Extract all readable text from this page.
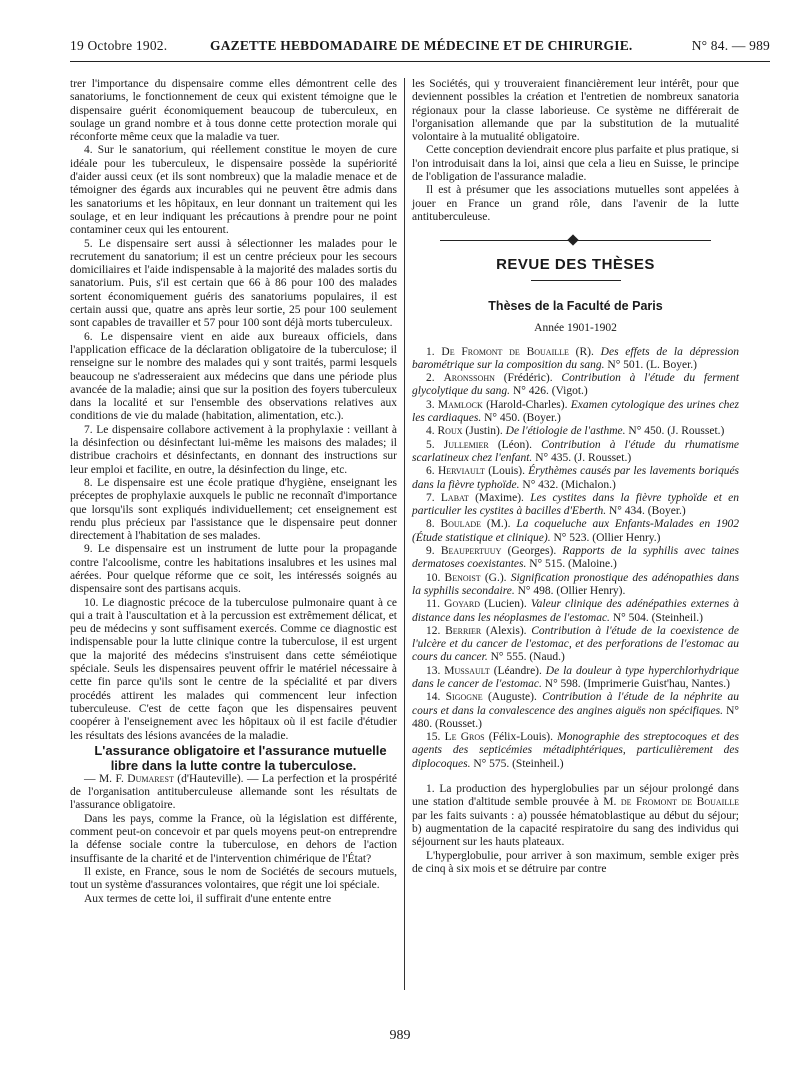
19 Octobre 1902.	GAZETTE HEBDOMADAIRE DE MÉDECINE ET DE CHIRURGIE.	N° 84. — 989

trer l'importance du dispensaire comme elles démontrent celle des sanatoriums, le fonctionnement de ceux qui existent témoigne que le dispensaire guérit économiquement beaucoup de tuberculeux, en soulage un grand nombre et à tous donne cette protection morale qui réconforte même ceux que la maladie va tuer.

4. Sur le sanatorium, qui réellement constitue le moyen de cure idéale pour les tuberculeux, le dispensaire possède la supériorité d'aider aussi ceux (et ils sont nombreux) que la maladie menace et de témoigner des égards aux incurables qui ne peuvent être admis dans les sanatoriums et les hôpitaux, en leur donnant un traitement qui les soulage, et en leur indiquant les précautions à prendre pour ne point contaminer ceux qui les entourent.

5. Le dispensaire sert aussi à sélectionner les malades pour le recrutement du sanatorium; il est un centre précieux pour les secours domiciliaires et l'aide indispensable à la majorité des malades sortis du sanatorium. Puis, s'il est certain que 66 à 86 pour 100 des malades sortent économiquement guéris des sanatoriums populaires, il est certain aussi que, quatre ans après leur sortie, 25 pour 100 seulement sont capables de travailler et 57 pour 100 sont déjà morts tuberculeux.

6. Le dispensaire vient en aide aux bureaux officiels, dans l'application efficace de la déclaration obligatoire de la tuberculose; il renseigne sur le nombre des malades qui y sont traités, parmi lesquels beaucoup ne s'adresseraient aux médecins que dans une période plus avancée de la maladie; ainsi que sur la position des foyers tuberculeux dans la localité et sur l'ensemble des observations relatives aux conditions de vie du malade (habitation, alimentation, etc.).

7. Le dispensaire collabore activement à la prophylaxie : veillant à la désinfection ou désinfectant lui-même les maisons des malades; il distribue crachoirs et désinfectants, en donnant des instructions sur leur emploi et facilite, en outre, la désinfection du linge, etc.

8. Le dispensaire est une école pratique d'hygiène, enseignant les préceptes de prophylaxie auxquels le public ne reconnaît d'importance que lorsqu'ils sont expliqués individuellement; cet enseignement est rendu plus précieux par l'assistance que le dispensaire peut donner directement à l'habitation de ses malades.

9. Le dispensaire est un instrument de lutte pour la propagande contre l'alcoolisme, contre les habitations insalubres et les usines mal aérées. Pour quelque réforme que ce soit, les intéressés soignés au dispensaire sont des partisans acquis.

10. Le diagnostic précoce de la tuberculose pulmonaire quant à ce qui a trait à l'auscultation et à la percussion est extrêmement délicat, et peu de médecins y sont suffisament exercés. Comme ce diagnostic est indispensable pour la lutte clinique contre la tuberculose, il est urgent que la majorité des médecins s'instruisent dans cette séméiotique spéciale. Seuls les dispensaires peuvent offrir le matériel nécessaire à cette fin parce qu'ils sont le centre de la spécialité et par divers procédés attirent les malades qui commencent leur infection tuberculeuse. C'est de cette façon que les dispensaires peuvent coopérer à l'enseignement avec les hôpitaux où il est facile d'étudier les résultats des lésions avancées de la maladie.

L'assurance obligatoire et l'assurance mutuelle libre dans la lutte contre la tuberculose.

— M. F. Dumarest (d'Hauteville). — La perfection et la prospérité de l'organisation antituberculeuse allemande sont les résultats de l'assurance obligatoire.

Dans les pays, comme la France, où la législation est différente, comment peut-on concevoir et par quels moyens peut-on entreprendre la défense sociale contre la tuberculose, en dehors de l'action insuffisante de la charité et de l'intervention chimérique de l'État?

Il existe, en France, sous le nom de Sociétés de secours mutuels, tout un système d'assurances volontaires, que régit une loi spéciale.

Aux termes de cette loi, il suffirait d'une entente entre

les Sociétés, qui y trouveraient financièrement leur intérêt, pour que deviennent possibles la création et l'entretien de nombreux sanatoria régionaux pour la classe laborieuse. Ce système ne différerait de l'organisation allemande que par la substitution de la mutualité volontaire à la mutualité obligatoire.

Cette conception deviendrait encore plus parfaite et plus pratique, si l'on introduisait dans la loi, ainsi que cela a lieu en Suisse, le principe de l'obligation de l'assurance maladie.

Il est à présumer que les associations mutuelles sont appelées à jouer en France un grand rôle, dans l'avenir de la lutte antituberculeuse.

REVUE DES THÈSES
Thèses de la Faculté de Paris
Année 1901-1902

1. De Fromont de Bouaille (R). Des effets de la dépression barométrique sur la composition du sang. N° 501. (L. Boyer.)

2. Aronssohn (Frédéric). Contribution à l'étude du ferment glycolytique du sang. N° 426. (Vigot.)

3. Mamlock (Harold-Charles). Examen cytologique des urines chez les cardiaques. N° 450. (Boyer.)

4. Roux (Justin). De l'étiologie de l'asthme. N° 450. (J. Rousset.)

5. Jullemier (Léon). Contribution à l'étude du rhumatisme scarlatineux chez l'enfant. N° 435. (J. Rousset.)

6. Herviault (Louis). Érythèmes causés par les lavements boriqués dans la fièvre typhoïde. N° 432. (Michalon.)

7. Labat (Maxime). Les cystites dans la fièvre typhoïde et en particulier les cystites à bacilles d'Eberth. N° 434. (Boyer.)

8. Boulade (M.). La coqueluche aux Enfants-Malades en 1902 (Étude statistique et clinique). N° 523. (Ollier Henry.)

9. Beaupertuuy (Georges). Rapports de la syphilis avec taines dermatoses coexistantes. N° 515. (Maloine.)

10. Benoist (G.). Signification pronostique des adénopathies dans la syphilis secondaire. N° 498. (Ollier Henry).

11. Goyard (Lucien). Valeur clinique des adénépathies externes à distance dans les néoplasmes de l'estomac. N° 504. (Steinheil.)

12. Berrier (Alexis). Contribution à l'étude de la coexistence de l'ulcère et du cancer de l'estomac, et des perforations de l'estomac au cours du cancer. N° 555. (Naud.)

13. Mussault (Léandre). De la douleur à type hyperchlorhydrique dans le cancer de l'estomac. N° 598. (Imprimerie Guist'hau, Nantes.)

14. Sigogne (Auguste). Contribution à l'étude de la néphrite au cours et dans la convalescence des angines aiguës non spécifiques. N° 480. (Rousset.)

15. Le Gros (Félix-Louis). Monographie des streptocoques et des agents des septicémies métadiphtériques, particulièrement des diplocoques. N° 575. (Steinheil.)

1. La production des hyperglobulies par un séjour prolongé dans une station d'altitude semble prouvée à M. de Fromont de Bouaille par les faits suivants : a) poussée hématoblastique au début du séjour; b) augmentation de la capacité respiratoire du sang des individus qui séjournent sur les hauts plateaux.

L'hyperglobulie, pour arriver à son maximum, semble exiger près de cinq à six mois et se détruire par contre

989
